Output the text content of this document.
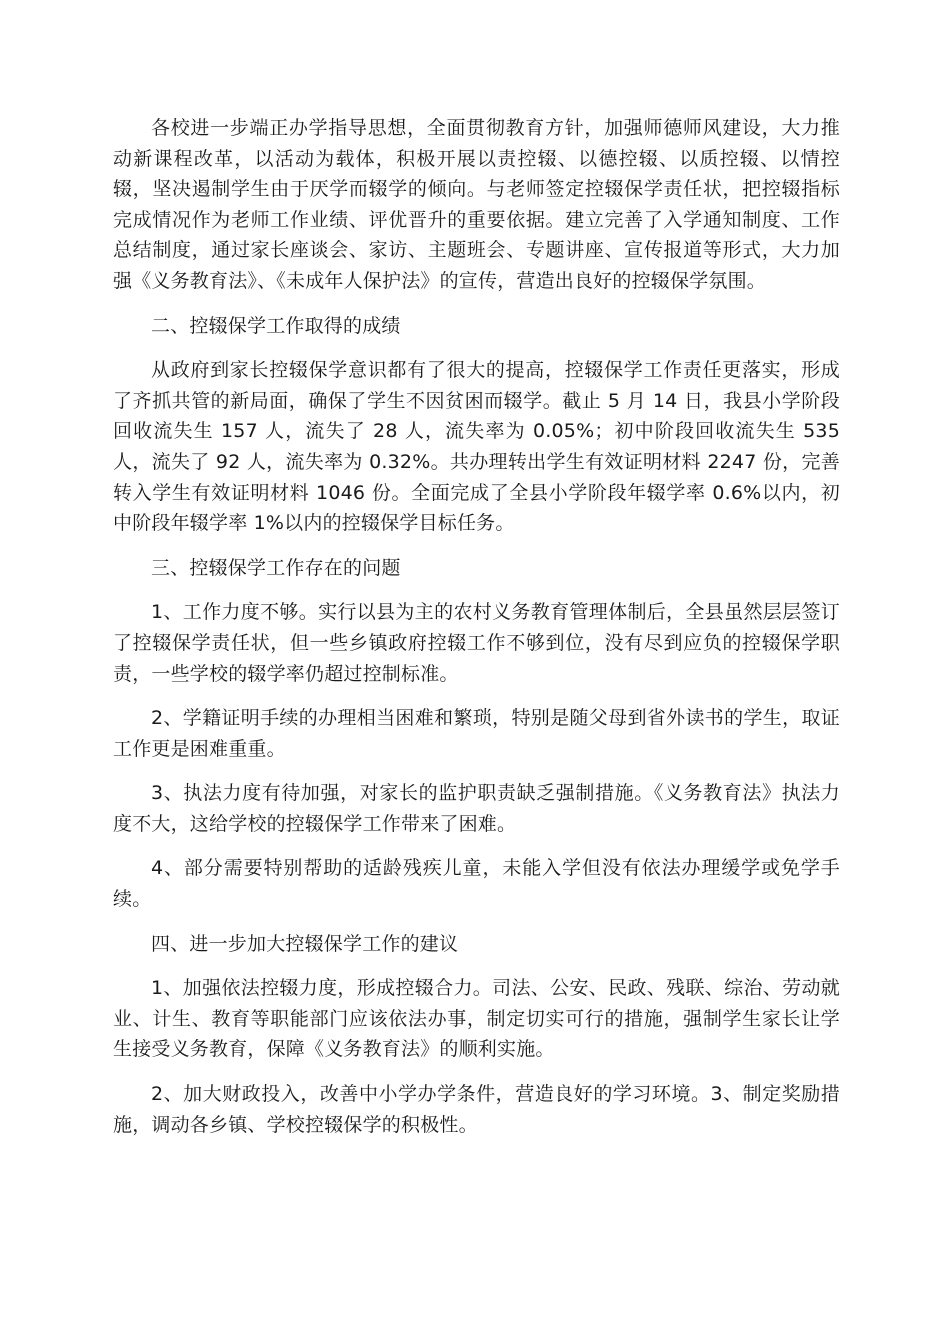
各校进一步端正办学指导思想，全面贯彻教育方针，加强师德师风建设，大力推动新课程改革，以活动为载体，积极开展以责控辍、以德控辍、以质控辍、以情控辍，坚决遏制学生由于厌学而辍学的倾向。与老师签定控辍保学责任状，把控辍指标完成情况作为老师工作业绩、评优晋升的重要依据。建立完善了入学通知制度、工作总结制度，通过家长座谈会、家访、主题班会、专题讲座、宣传报道等形式，大力加强《义务教育法》、《未成年人保护法》的宣传，营造出良好的控辍保学氛围。

二、控辍保学工作取得的成绩

从政府到家长控辍保学意识都有了很大的提高，控辍保学工作责任更落实，形成了齐抓共管的新局面，确保了学生不因贫困而辍学。截止 5 月 14 日，我县小学阶段回收流失生 157 人，流失了 28 人，流失率为 0.05%；初中阶段回收流失生 535 人，流失了 92 人，流失率为 0.32%。共办理转出学生有效证明材料 2247 份，完善转入学生有效证明材料 1046 份。全面完成了全县小学阶段年辍学率 0.6%以内，初中阶段年辍学率 1%以内的控辍保学目标任务。

三、控辍保学工作存在的问题

1、工作力度不够。实行以县为主的农村义务教育管理体制后，全县虽然层层签订了控辍保学责任状，但一些乡镇政府控辍工作不够到位，没有尽到应负的控辍保学职责，一些学校的辍学率仍超过控制标准。

2、学籍证明手续的办理相当困难和繁琐，特别是随父母到省外读书的学生，取证工作更是困难重重。

3、执法力度有待加强，对家长的监护职责缺乏强制措施。《义务教育法》执法力度不大，这给学校的控辍保学工作带来了困难。

4、部分需要特别帮助的适龄残疾儿童，未能入学但没有依法办理缓学或免学手续。

四、进一步加大控辍保学工作的建议

1、加强依法控辍力度，形成控辍合力。司法、公安、民政、残联、综治、劳动就业、计生、教育等职能部门应该依法办事，制定切实可行的措施，强制学生家长让学生接受义务教育，保障《义务教育法》的顺利实施。

2、加大财政投入，改善中小学办学条件，营造良好的学习环境。3、制定奖励措施，调动各乡镇、学校控辍保学的积极性。
